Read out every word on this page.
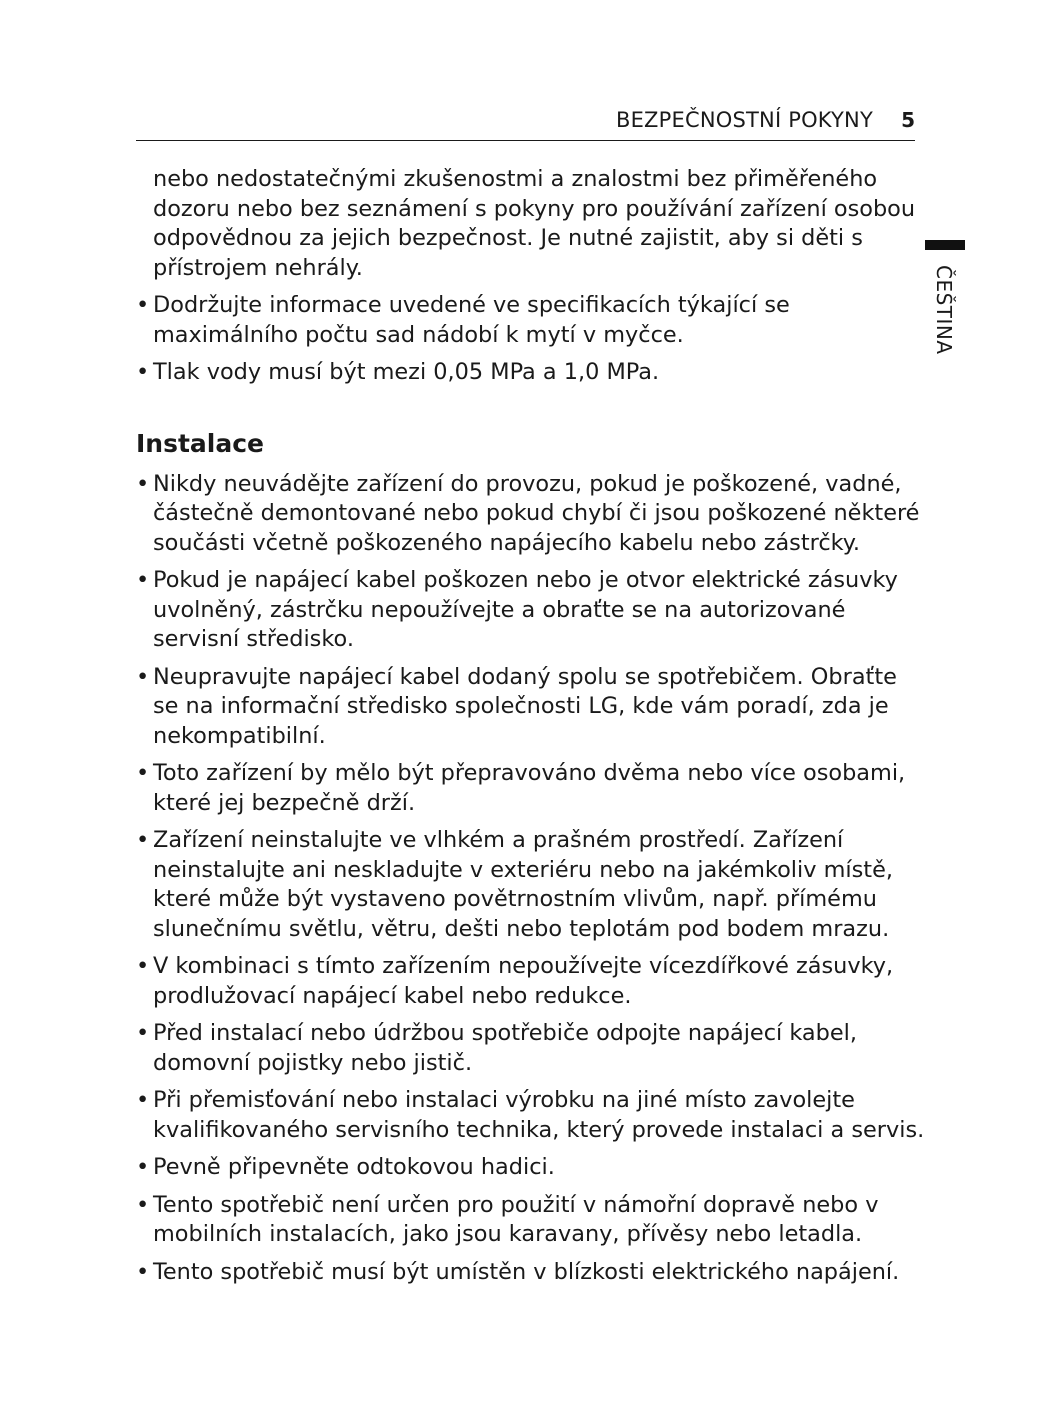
BEZPEČNOSTNÍ POKYNY 5
ČEŠTINA

nebo nedostatečnými zkušenostmi a znalostmi bez přiměřeného dozoru nebo bez seznámení s pokyny pro používání zařízení osobou odpovědnou za jejich bezpečnost. Je nutné zajistit, aby si děti s přístrojem nehrály.

• Dodržujte informace uvedené ve specifikacích týkající se maximálního počtu sad nádobí k mytí v myčce.
• Tlak vody musí být mezi 0,05 MPa a 1,0 MPa.
Instalace
• Nikdy neuvádějte zařízení do provozu, pokud je poškozené, vadné, částečně demontované nebo pokud chybí či jsou poškozené některé součásti včetně poškozeného napájecího kabelu nebo zástrčky.
• Pokud je napájecí kabel poškozen nebo je otvor elektrické zásuvky uvolněný, zástrčku nepoužívejte a obraťte se na autorizované servisní středisko.
• Neupravujte napájecí kabel dodaný spolu se spotřebičem. Obraťte se na informační středisko společnosti LG, kde vám poradí, zda je nekompatibilní.
• Toto zařízení by mělo být přepravováno dvěma nebo více osobami, které jej bezpečně drží.
• Zařízení neinstalujte ve vlhkém a prašném prostředí. Zařízení neinstalujte ani neskladujte v exteriéru nebo na jakémkoliv místě, které může být vystaveno povětrnostním vlivům, např. přímému slunečnímu světlu, větru, dešti nebo teplotám pod bodem mrazu.
• V kombinaci s tímto zařízením nepoužívejte vícezdířkové zásuvky, prodlužovací napájecí kabel nebo redukce.
• Před instalací nebo údržbou spotřebiče odpojte napájecí kabel, domovní pojistky nebo jistič.
• Při přemisťování nebo instalaci výrobku na jiné místo zavolejte kvalifikovaného servisního technika, který provede instalaci a servis.
• Pevně připevněte odtokovou hadici.
• Tento spotřebič není určen pro použití v námořní dopravě nebo v mobilních instalacích, jako jsou karavany, přívěsy nebo letadla.
• Tento spotřebič musí být umístěn v blízkosti elektrického napájení.
